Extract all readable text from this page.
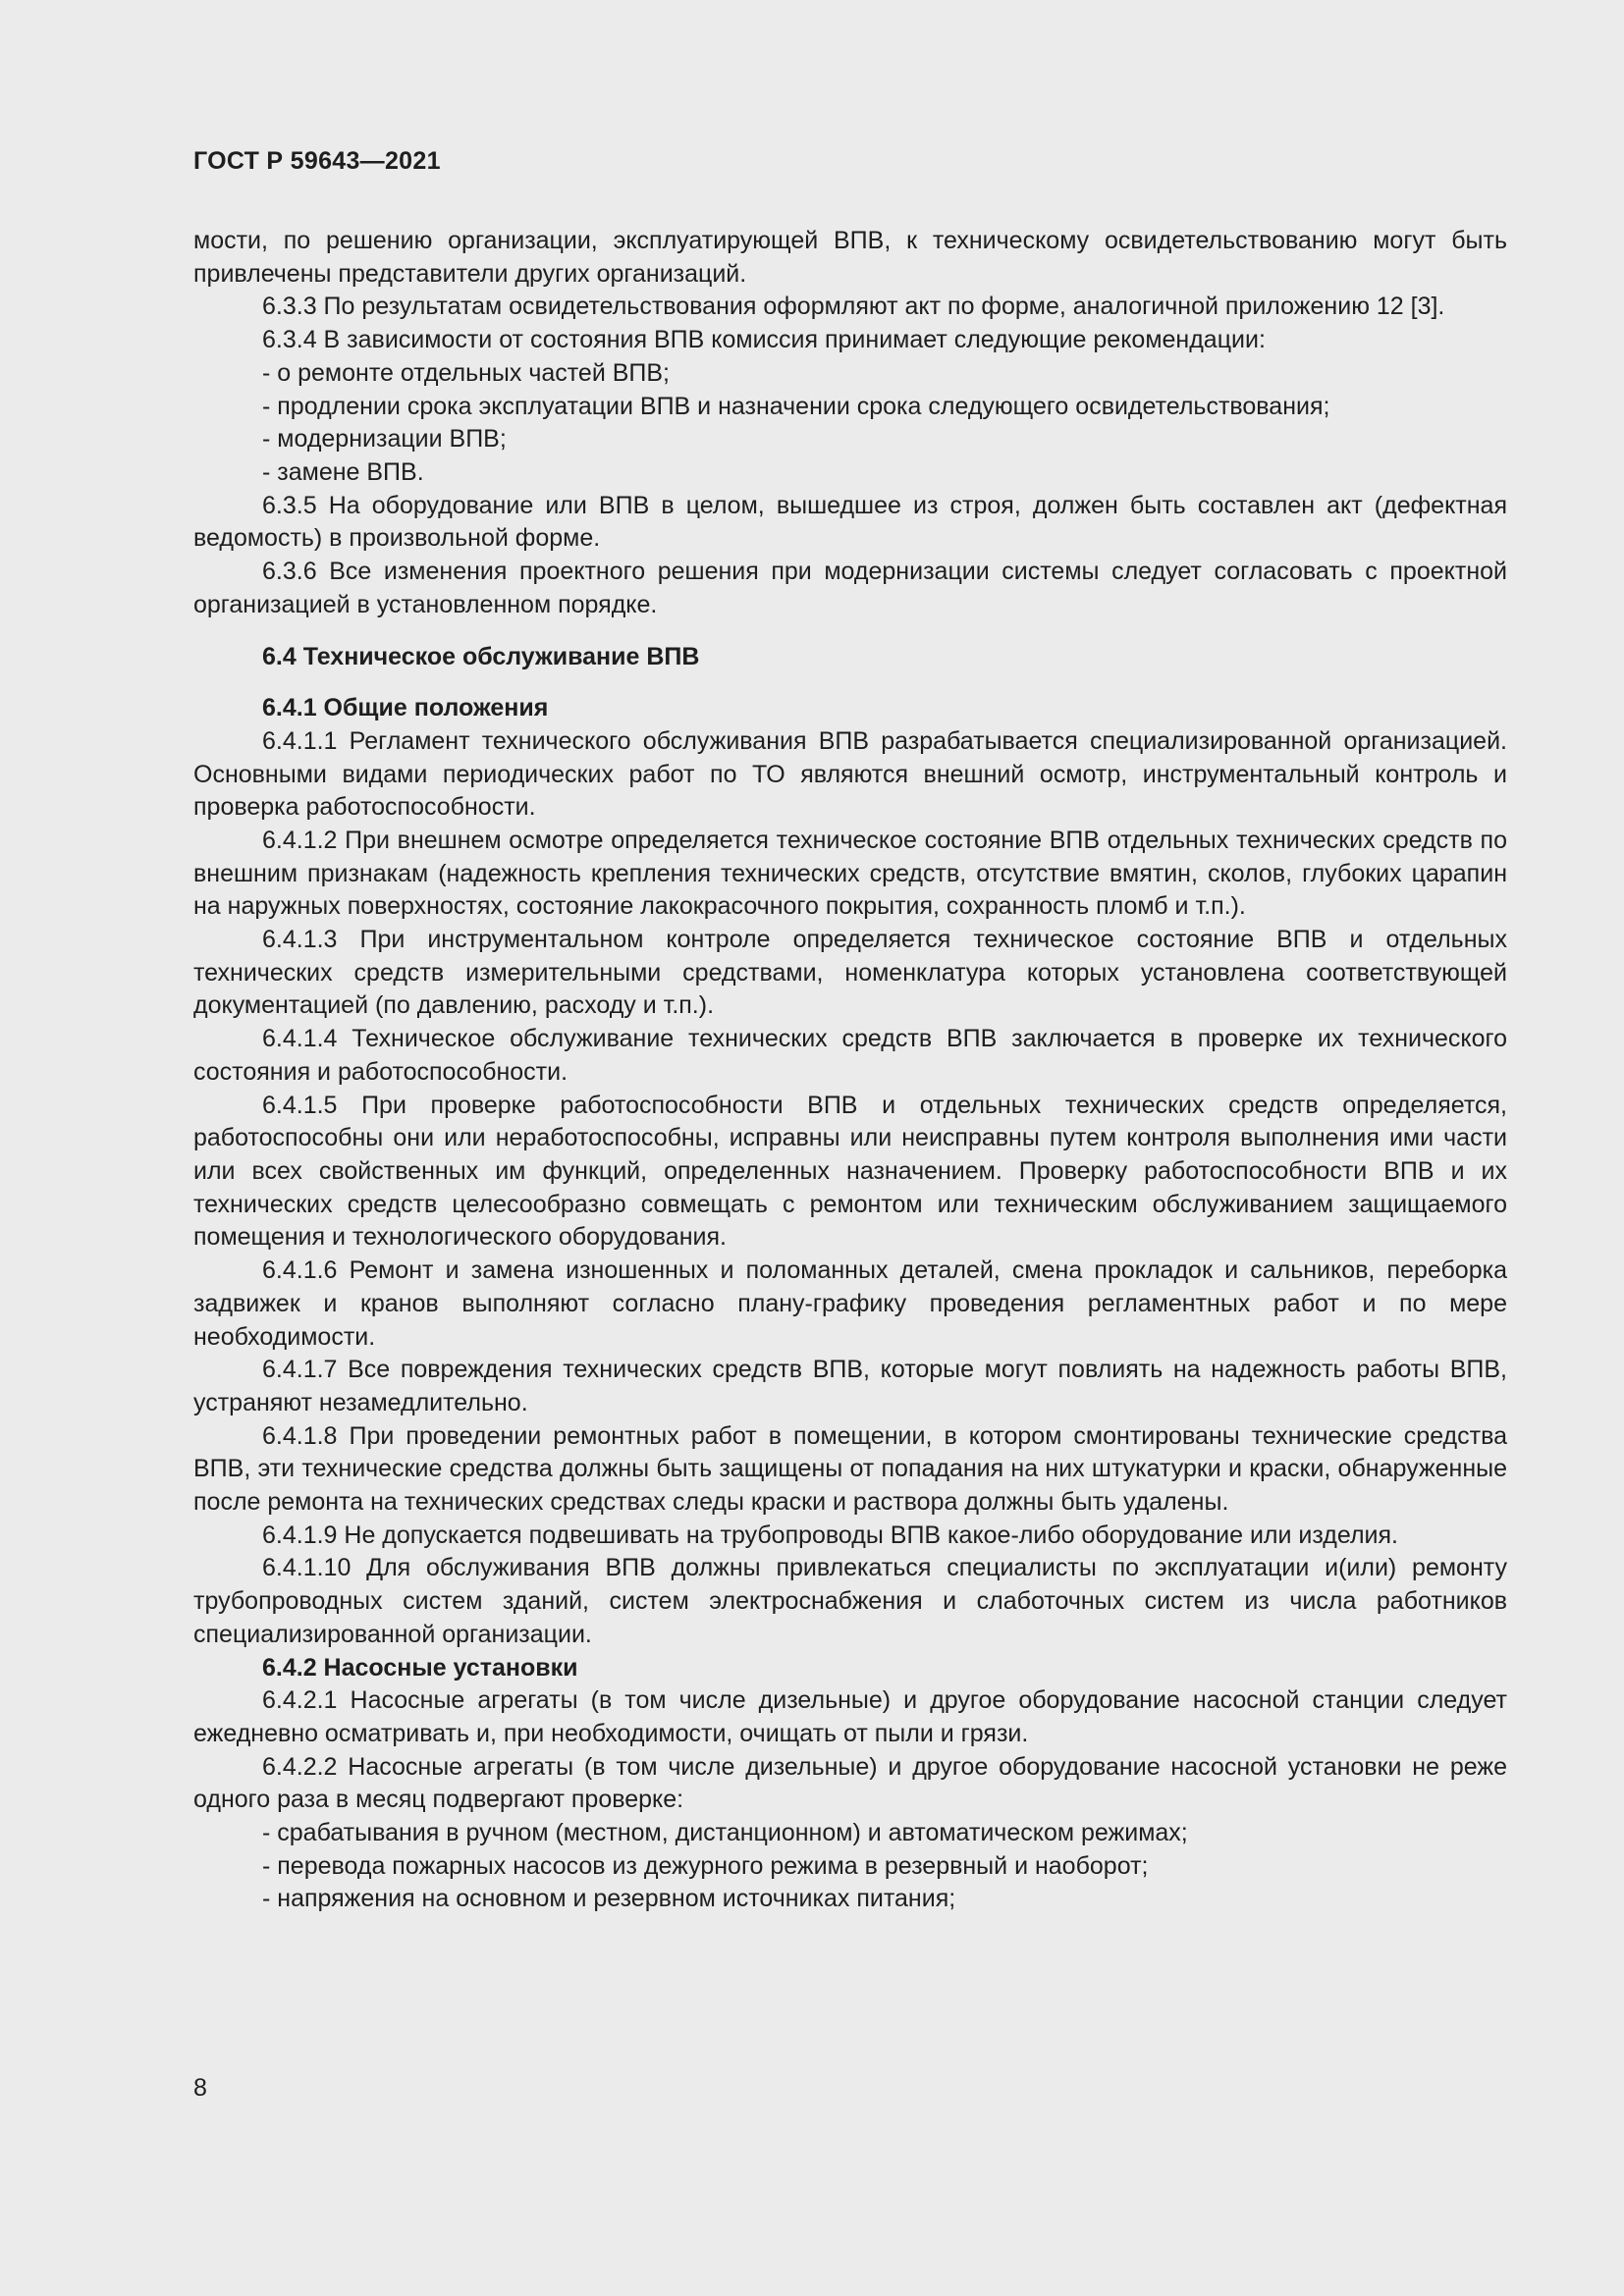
ГОСТ Р 59643—2021

мости, по решению организации, эксплуатирующей ВПВ, к техническому освидетельствованию могут быть привлечены представители других организаций.

6.3.3 По результатам освидетельствования оформляют акт по форме, аналогичной приложению 12 [3].

6.3.4 В зависимости от состояния ВПВ комиссия принимает следующие рекомендации:

- о ремонте отдельных частей ВПВ;

- продлении срока эксплуатации ВПВ и назначении срока следующего освидетельствования;

- модернизации ВПВ;

- замене ВПВ.

6.3.5 На оборудование или ВПВ в целом, вышедшее из строя, должен быть составлен акт (дефектная ведомость) в произвольной форме.

6.3.6 Все изменения проектного решения при модернизации системы следует согласовать с проектной организацией в установленном порядке.

6.4 Техническое обслуживание ВПВ

6.4.1 Общие положения

6.4.1.1 Регламент технического обслуживания ВПВ разрабатывается специализированной организацией. Основными видами периодических работ по ТО являются внешний осмотр, инструментальный контроль и проверка работоспособности.

6.4.1.2 При внешнем осмотре определяется техническое состояние ВПВ отдельных технических средств по внешним признакам (надежность крепления технических средств, отсутствие вмятин, сколов, глубоких царапин на наружных поверхностях, состояние лакокрасочного покрытия, сохранность пломб и т.п.).

6.4.1.3 При инструментальном контроле определяется техническое состояние ВПВ и отдельных технических средств измерительными средствами, номенклатура которых установлена соответствующей документацией (по давлению, расходу и т.п.).

6.4.1.4 Техническое обслуживание технических средств ВПВ заключается в проверке их технического состояния и работоспособности.

6.4.1.5 При проверке работоспособности ВПВ и отдельных технических средств определяется, работоспособны они или неработоспособны, исправны или неисправны путем контроля выполнения ими части или всех свойственных им функций, определенных назначением. Проверку работоспособности ВПВ и их технических средств целесообразно совмещать с ремонтом или техническим обслуживанием защищаемого помещения и технологического оборудования.

6.4.1.6 Ремонт и замена изношенных и поломанных деталей, смена прокладок и сальников, переборка задвижек и кранов выполняют согласно плану-графику проведения регламентных работ и по мере необходимости.

6.4.1.7 Все повреждения технических средств ВПВ, которые могут повлиять на надежность работы ВПВ, устраняют незамедлительно.

6.4.1.8 При проведении ремонтных работ в помещении, в котором смонтированы технические средства ВПВ, эти технические средства должны быть защищены от попадания на них штукатурки и краски, обнаруженные после ремонта на технических средствах следы краски и раствора должны быть удалены.

6.4.1.9 Не допускается подвешивать на трубопроводы ВПВ какое-либо оборудование или изделия.

6.4.1.10 Для обслуживания ВПВ должны привлекаться специалисты по эксплуатации и(или) ремонту трубопроводных систем зданий, систем электроснабжения и слаботочных систем из числа работников специализированной организации.

6.4.2 Насосные установки

6.4.2.1 Насосные агрегаты (в том числе дизельные) и другое оборудование насосной станции следует ежедневно осматривать и, при необходимости, очищать от пыли и грязи.

6.4.2.2 Насосные агрегаты (в том числе дизельные) и другое оборудование насосной установки не реже одного раза в месяц подвергают проверке:

- срабатывания в ручном (местном, дистанционном) и автоматическом режимах;

- перевода пожарных насосов из дежурного режима в резервный и наоборот;

- напряжения на основном и резервном источниках питания;

8
